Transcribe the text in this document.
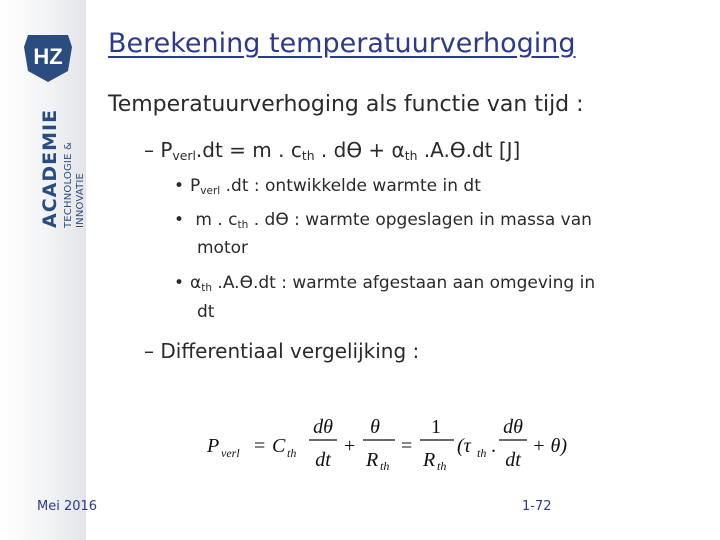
HZ
ACADEMIE TECHNOLOGIE & INNOVATIE
Berekening temperatuurverhoging
Temperatuurverhoging als functie van tijd :
– $P_{verl}.dt = m$ . $c_{th}$ . $dϴ + \alpha_{th}$ .A.ϴ.dt [J]
• $P_{verl}$ .dt : ontwikkelde warmte in dt
• m . $c_{th}$ . dϴ : warmte opgeslagen in massa van
motor
• $\alpha_{th}$ .A.ϴ.dt : warmte afgestaan aan omgeving in
dt
– Differentiaal vergelijking :
P verl = C th
dθ
dt
+
θ
R th
=
1
R th
(τ th .
dθ
dt
+ θ)
Mei 2016	1-72
